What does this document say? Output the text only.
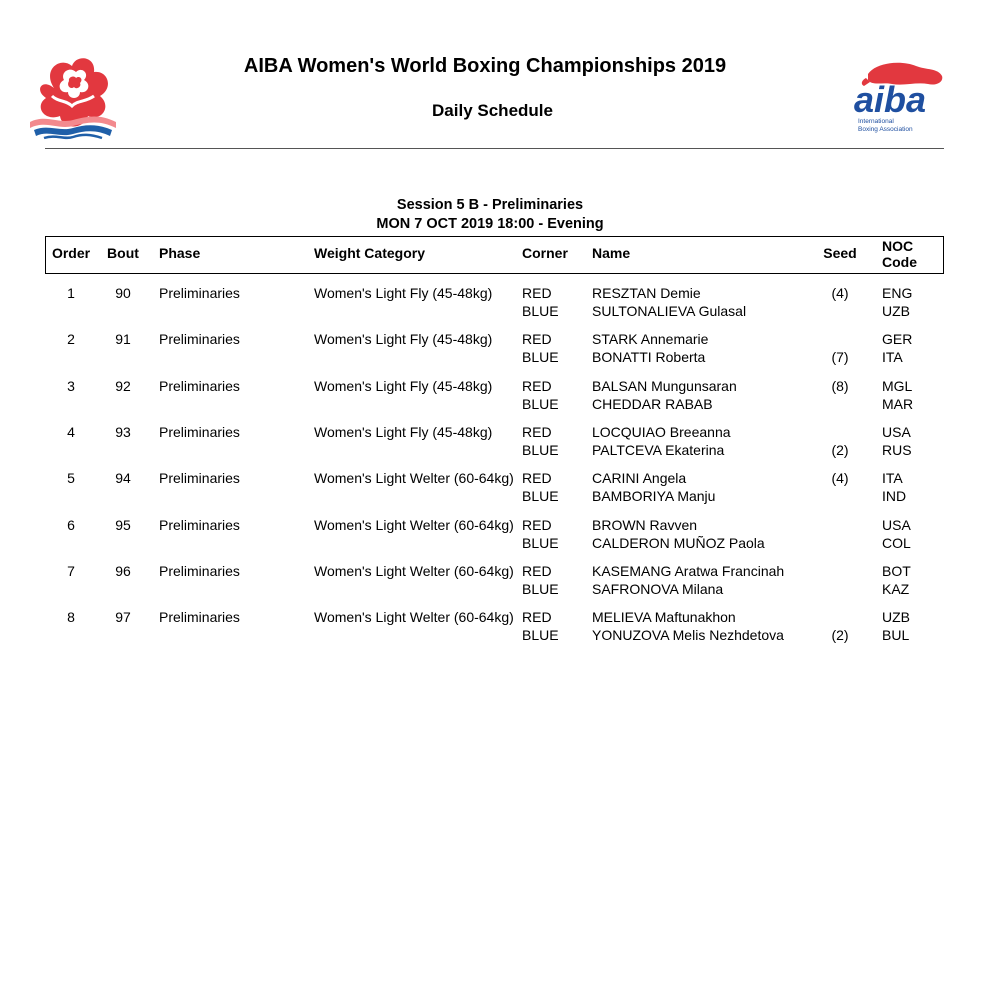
AIBA Women's World Boxing Championships 2019
Daily Schedule	aiba
International
Boxing Association
Session 5 B - Preliminaries
MON 7 OCT 2019 18:00 - Evening
Order Bout Phase	Weight Category	Corner Name	Seed NOC
Code
1	90	Preliminaries	Women's Light Fly (45-48kg) RED	RESZTAN Demie	(4)	ENG
BLUE SULTONALIEVA Gulasal	UZB
2	91	Preliminaries	Women's Light Fly (45-48kg) RED	STARK Annemarie	GER
BLUE BONATTI Roberta	(7)	ITA
3	92	Preliminaries	Women's Light Fly (45-48kg) RED	BALSAN Mungunsaran	(8)	MGL
BLUE CHEDDAR RABAB	MAR
4	93	Preliminaries	Women's Light Fly (45-48kg) RED	LOCQUIAO Breeanna	USA
BLUE PALTCEVA Ekaterina	(2)	RUS
5	94	Preliminaries	Women's Light Welter (60-64kg) RED	CARINI Angela	(4)	ITA
BLUE BAMBORIYA Manju	IND
6	95	Preliminaries	Women's Light Welter (60-64kg) RED	BROWN Ravven	USA
BLUE CALDERON MUÑOZ Paola	COL
7	96	Preliminaries	Women's Light Welter (60-64kg) RED	KASEMANG Aratwa Francinah	BOT
BLUE SAFRONOVA Milana	KAZ
8	97	Preliminaries	Women's Light Welter (60-64kg) RED	MELIEVA Maftunakhon	UZB
BLUE YONUZOVA Melis Nezhdetova	(2)	BUL
